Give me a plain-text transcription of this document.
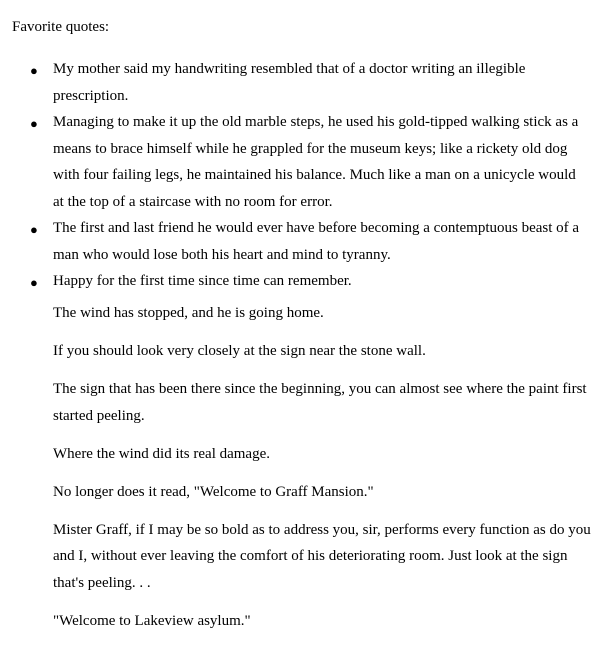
Favorite quotes:
● My mother said my handwriting resembled that of a doctor writing an illegible prescription.
● Managing to make it up the old marble steps, he used his gold-tipped walking stick as a means to brace himself while he grappled for the museum keys; like a rickety old dog with four failing legs, he maintained his balance. Much like a man on a unicycle would at the top of a staircase with no room for error.
● The first and last friend he would ever have before becoming a contemptuous beast of a man who would lose both his heart and mind to tyranny.
● Happy for the first time since time can remember.

The wind has stopped, and he is going home.

If you should look very closely at the sign near the stone wall.

The sign that has been there since the beginning, you can almost see where the paint first started peeling.

Where the wind did its real damage.

No longer does it read, "Welcome to Graff Mansion."

Mister Graff, if I may be so bold as to address you, sir, performs every function as do you and I, without ever leaving the comfort of his deteriorating room. Just look at the sign that's peeling. . .

"Welcome to Lakeview asylum."
